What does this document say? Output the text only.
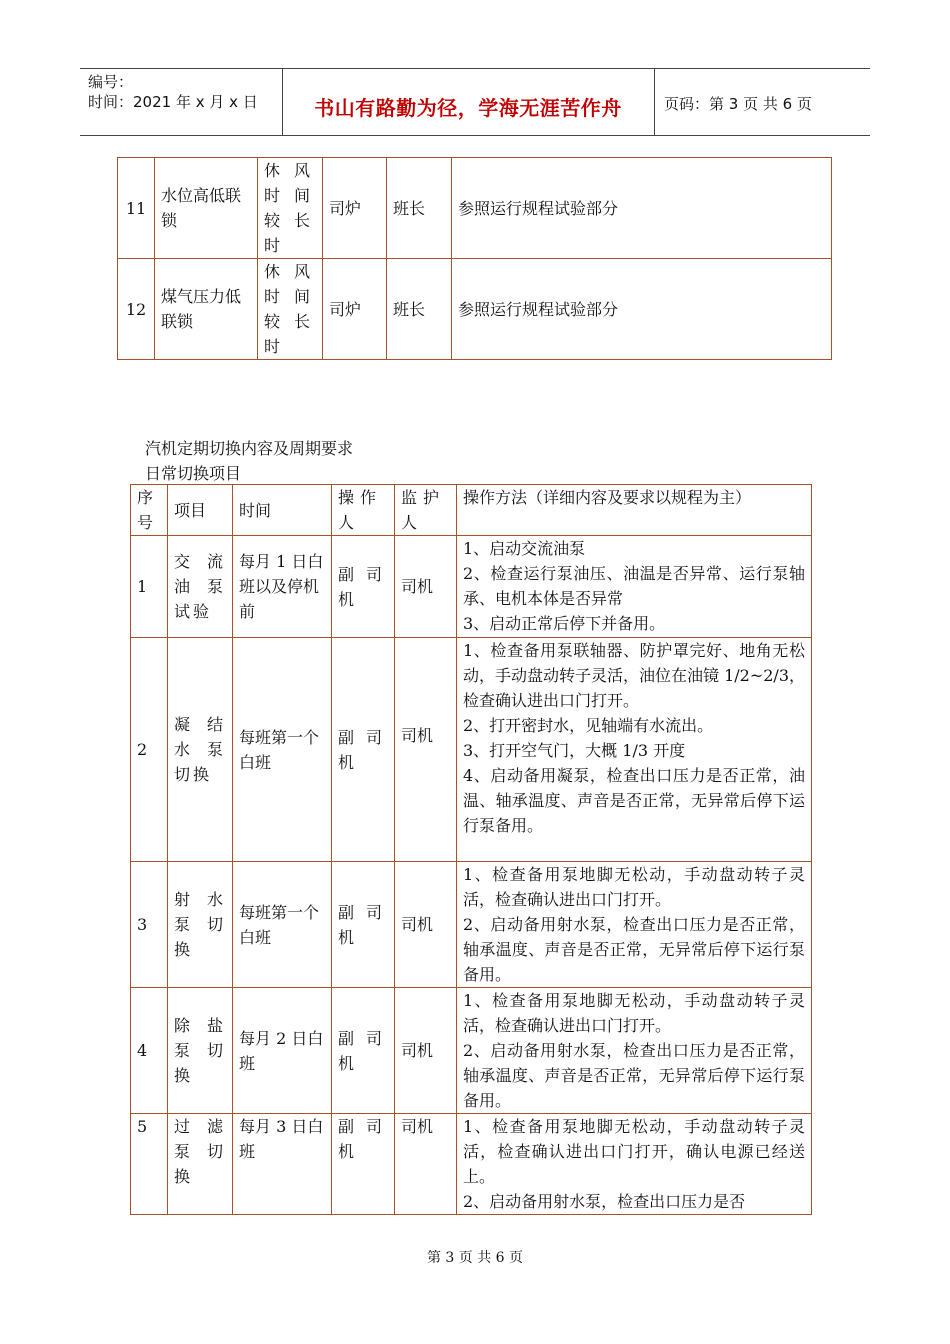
编号：
时间：2021 年 x 月 x 日	书山有路勤为径，学海无涯苦作舟	页码：第 3 页 共 6 页
11	水位高低联锁	休风时间较长时	司炉	班长	参照运行规程试验部分
12	煤气压力低联锁	休风时间较长时	司炉	班长	参照运行规程试验部分
汽机定期切换内容及周期要求
日常切换项目
序号	项目	时间	操作人	监护人	操作方法（详细内容及要求以规程为主）
1	交流油泵试验	每月 1 日白班以及停机前	副司机	司机	1、启动交流油泵
2、检查运行泵油压、油温是否异常、运行泵轴承、电机本体是否异常
3、启动正常后停下并备用。

2	凝结水泵切换	每班第一个白班	副司机	司机	1、检查备用泵联轴器、防护罩完好、地角无松动，手动盘动转子灵活，油位在油镜 1/2~2/3，检查确认进出口门打开。
2、打开密封水，见轴端有水流出。
3、打开空气门，大概 1/3 开度
4、启动备用凝泵，检查出口压力是否正常，油温、轴承温度、声音是否正常，无异常后停下运行泵备用。

3	射水泵切换	每班第一个白班	副司机	司机	1、检查备用泵地脚无松动，手动盘动转子灵活，检查确认进出口门打开。
2、启动备用射水泵，检查出口压力是否正常，轴承温度、声音是否正常，无异常后停下运行泵备用。

4	除盐泵切换	每月 2 日白班	副司机	司机	1、检查备用泵地脚无松动，手动盘动转子灵活，检查确认进出口门打开。
2、启动备用射水泵，检查出口压力是否正常，轴承温度、声音是否正常，无异常后停下运行泵备用。

5	过滤泵切换	每月 3 日白班	副司机	司机	1、检查备用泵地脚无松动，手动盘动转子灵活，检查确认进出口门打开，确认电源已经送上。
2、启动备用射水泵，检查出口压力是否
第 3 页 共 6 页
